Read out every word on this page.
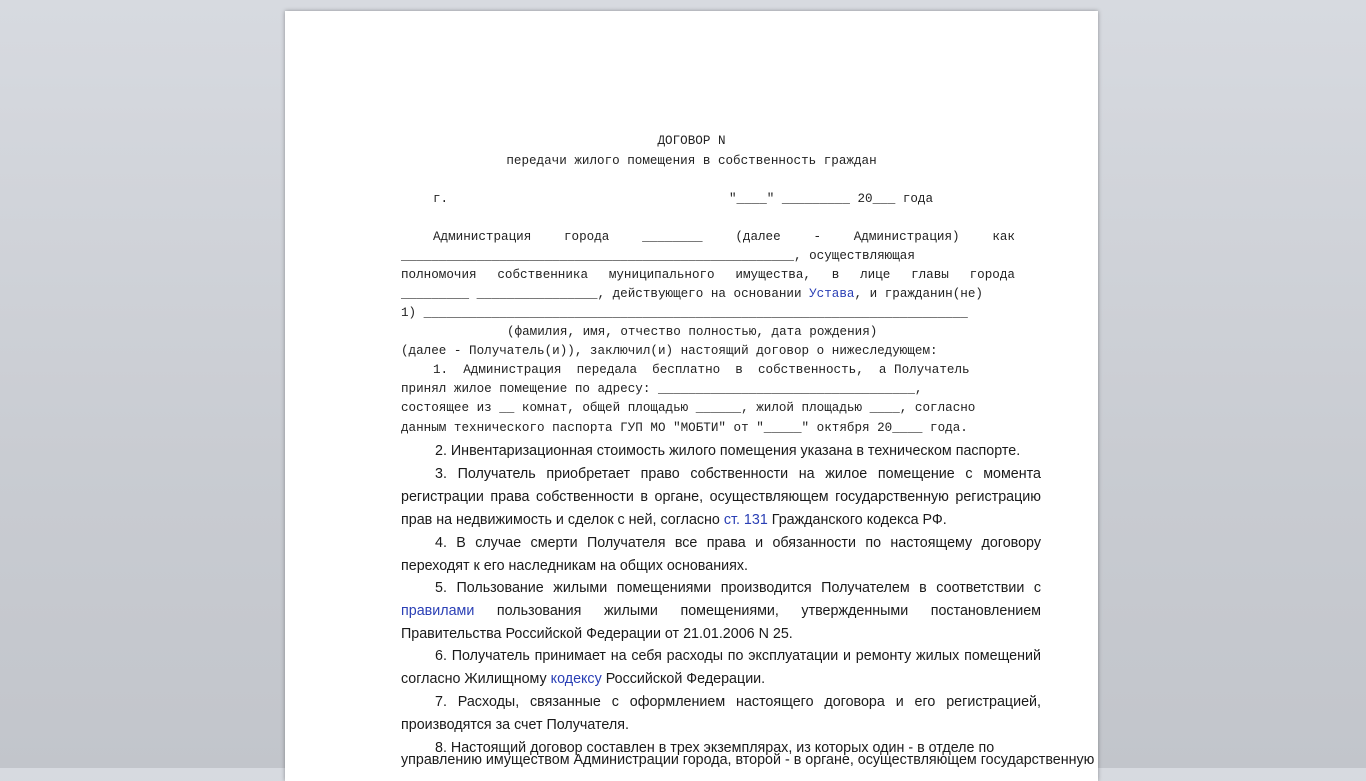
ДОГОВОР N
передачи жилого помещения в собственность граждан
г.	"____" _________ 20___ года
Администрация	города	________	(далее	-	Администрация)	как
____________________________________________________, осуществляющая
полномочия собственника муниципального имущества, в лице главы города
_________ ________________, действующего на основании Устава, и гражданин(не)
1) ________________________________________________________________________
(фамилия, имя, отчество полностью, дата рождения)
(далее - Получатель(и)), заключил(и) настоящий договор о нижеследующем:
1.  Администрация  передала  бесплатно  в  собственность,  а Получатель
принял жилое помещение по адресу: __________________________________,
состоящее из __ комнат, общей площадью ______, жилой площадью ____, согласно
данным технического паспорта ГУП МО "МОБТИ" от "_____" октября 20____ года.

2. Инвентаризационная стоимость жилого помещения указана в техническом паспорте.

3. Получатель приобретает право собственности на жилое помещение с момента регистрации права собственности в органе, осуществляющем государственную регистрацию прав на недвижимость и сделок с ней, согласно ст. 131 Гражданского кодекса РФ.

4. В случае смерти Получателя все права и обязанности по настоящему договору переходят к его наследникам на общих основаниях.

5. Пользование жилыми помещениями производится Получателем в соответствии с правилами пользования жилыми помещениями, утвержденными постановлением Правительства Российской Федерации от 21.01.2006 N 25.

6. Получатель принимает на себя расходы по эксплуатации и ремонту жилых помещений согласно Жилищному кодексу Российской Федерации.

7. Расходы, связанные с оформлением настоящего договора и его регистрацией, производятся за счет Получателя.

8. Настоящий договор составлен в трех экземплярах, из которых один - в отделе по

управлению имуществом Администрации города, второй - в органе, осуществляющем государственную
